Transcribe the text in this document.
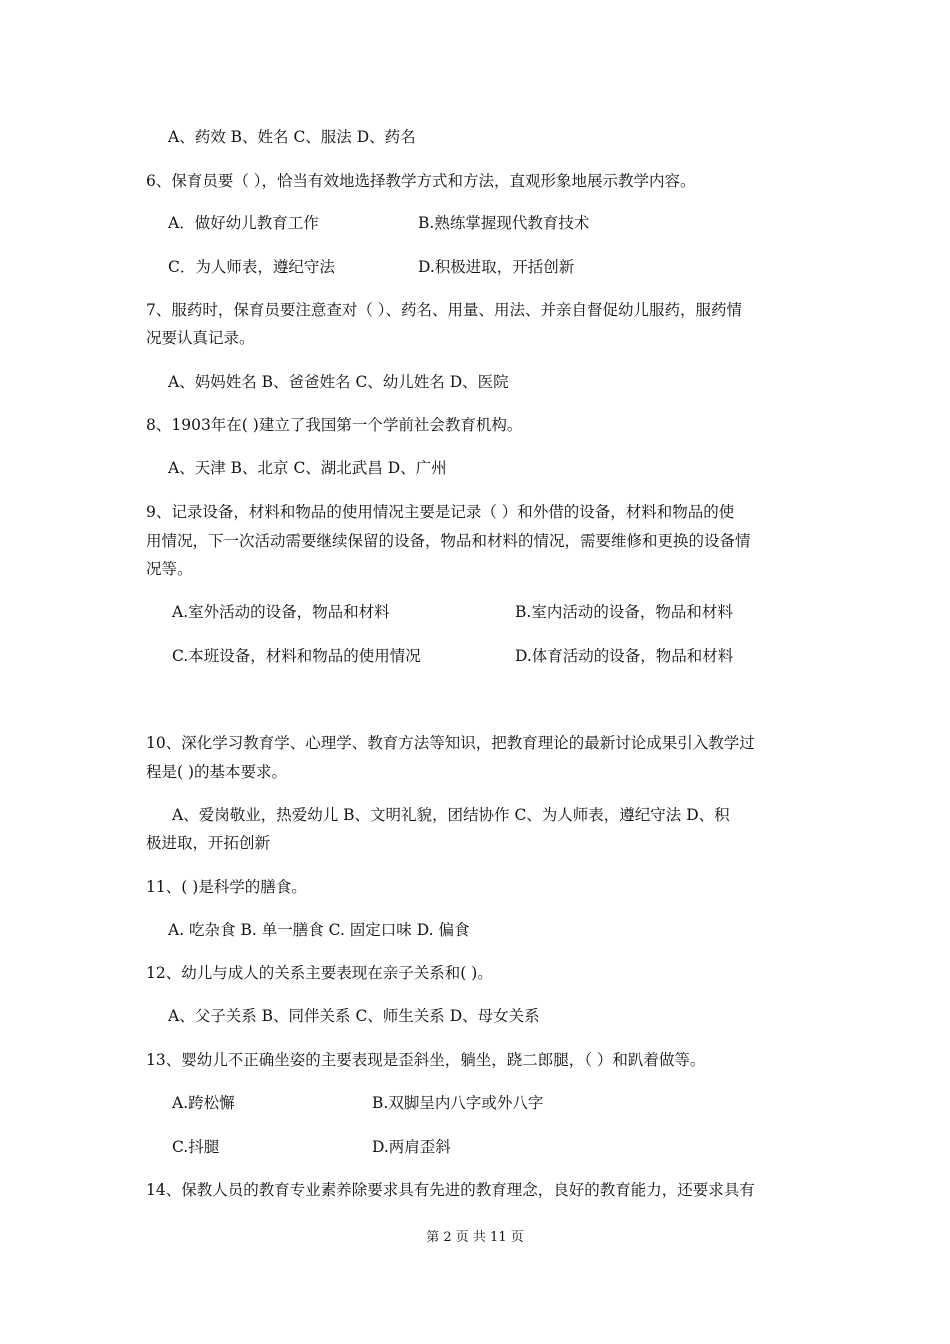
A、药效 B、姓名 C、服法 D、药名
6、保育员要（ ），恰当有效地选择教学方式和方法，直观形象地展示教学内容。
A．做好幼儿教育工作	B.熟练掌握现代教育技术
C．为人师表，遵纪守法	D.积极进取，开括创新
7、服药时，保育员要注意查对（ ）、药名、用量、用法、并亲自督促幼儿服药，服药情
况要认真记录。
A、妈妈姓名 B、爸爸姓名 C、幼儿姓名 D、医院
8、1903年在( )建立了我国第一个学前社会教育机构。
A、天津 B、北京 C、湖北武昌 D、广州
9、记录设备，材料和物品的使用情况主要是记录（ ）和外借的设备，材料和物品的使
用情况，下一次活动需要继续保留的设备，物品和材料的情况，需要维修和更换的设备情
况等。
A.室外活动的设备，物品和材料	B.室内活动的设备，物品和材料
C.本班设备，材料和物品的使用情况	D.体育活动的设备，物品和材料
10、深化学习教育学、心理学、教育方法等知识，把教育理论的最新讨论成果引入教学过
程是( )的基本要求。
A、爱岗敬业，热爱幼儿 B、文明礼貌，团结协作 C、为人师表，遵纪守法 D、积
极进取，开拓创新
11、( )是科学的膳食。
A. 吃杂食 B. 单一膳食 C. 固定口味 D. 偏食
12、幼儿与成人的关系主要表现在亲子关系和( )。
A、父子关系 B、同伴关系 C、师生关系 D、母女关系
13、婴幼儿不正确坐姿的主要表现是歪斜坐，躺坐，跷二郎腿，（ ）和趴着做等。
A.跨松懈	B.双脚呈内八字或外八字
C.抖腿	D.两肩歪斜
14、保教人员的教育专业素养除要求具有先进的教育理念，良好的教育能力，还要求具有
第 2 页 共 11 页
